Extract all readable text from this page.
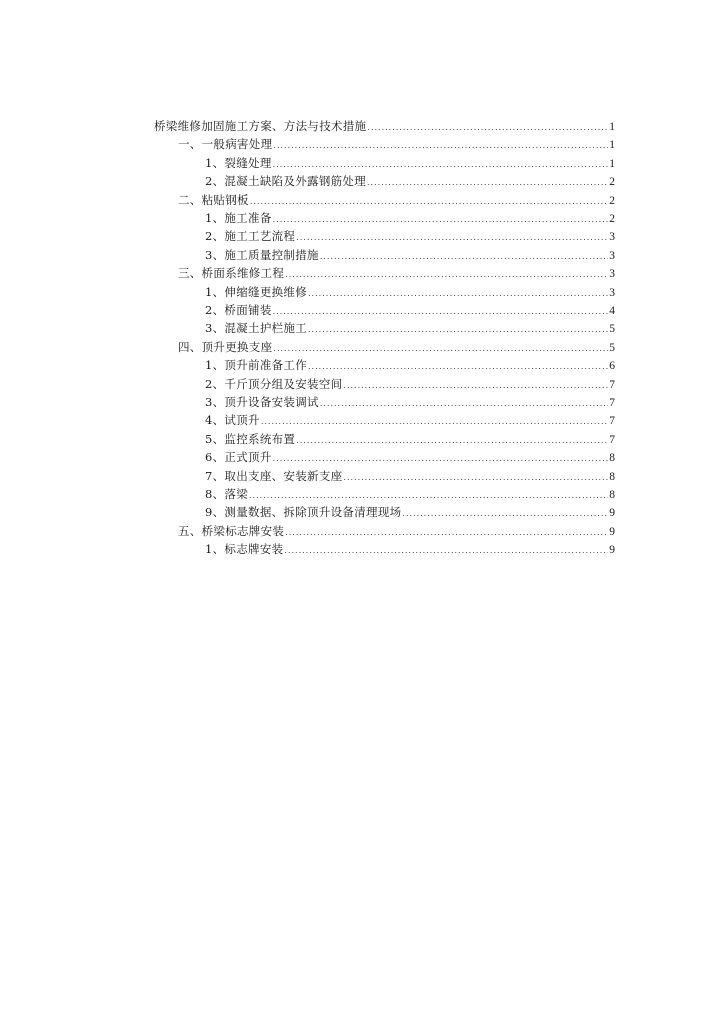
桥梁维修加固施工方案、方法与技术措施 .....	1
一、一般病害处理 .....	1
1、裂缝处理 .....	1
2、混凝土缺陷及外露钢筋处理 .....	2
二、粘贴钢板 .....	2
1、施工准备 .....	2
2、施工工艺流程 .....	3
3、施工质量控制措施 .....	3
三、桥面系维修工程 .....	3
1、伸缩缝更换维修 .....	3
2、桥面铺装 .....	4
3、混凝土护栏施工 .....	5
四、顶升更换支座 .....	5
1、顶升前准备工作 .....	6
2、千斤顶分组及安装空间 .....	7
3、顶升设备安装调试 .....	7
4、试顶升 .....	7
5、监控系统布置 .....	7
6、正式顶升 .....	8
7、取出支座、安装新支座 .....	8
8、落梁 .....	8
9、测量数据、拆除顶升设备清理现场 .....	9
五、桥梁标志牌安装 .....	9
1、标志牌安装 .....	9
